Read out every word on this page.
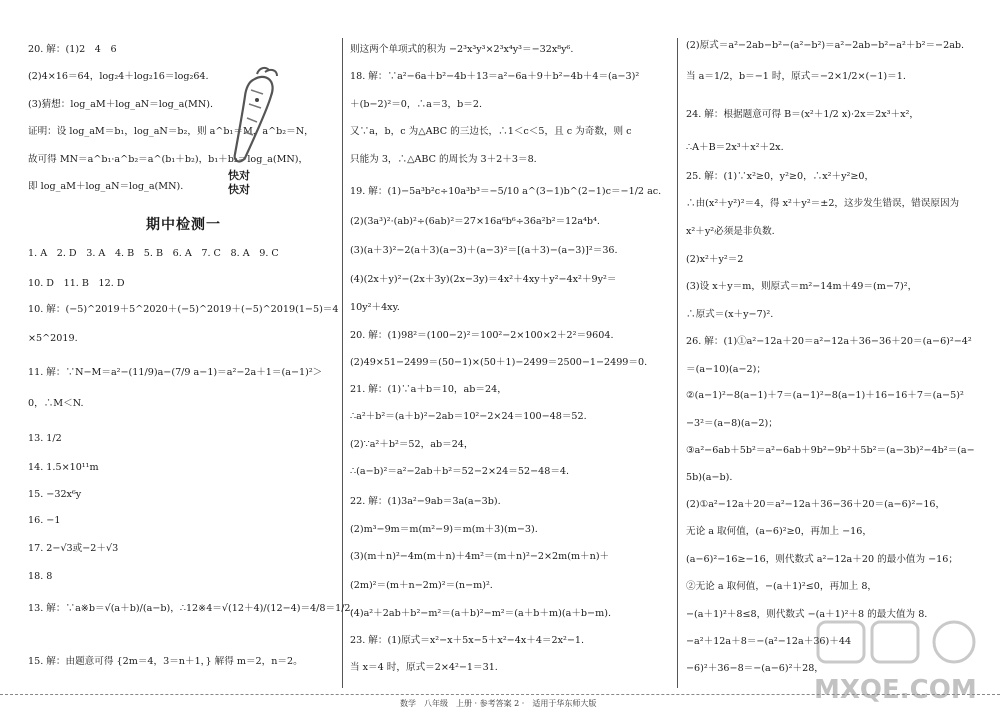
20. 解：(1)2　4　6
(2)4×16＝64，log₂4＋log₂16＝log₂64.
(3)猜想：log_aM＋log_aN＝log_a(MN).
证明：设 log_aM＝b₁，log_aN＝b₂，则 a^b₁＝M，a^b₂＝N，
故可得 MN＝a^b₁·a^b₂＝a^(b₁＋b₂)，b₁＋b₂＝log_a(MN)，
即 log_aM＋log_aN＝log_a(MN).
期中检测一
1. A　2. D　3. A　4. B　5. B　6. A　7. C　8. A　9. C
10. D　11. B　12. D
10. 解：(−5)^2019＋5^2020＋(−5)^2019＋(−5)^2019(1−5)＝4
×5^2019.
11. 解：∵N−M＝a²−(11/9)a−(7/9 a−1)＝a²−2a＋1＝(a−1)²＞
0，∴M＜N.
13. 1/2
14. 1.5×10¹¹m
15. −32x⁶y
16. −1
17. 2−√3或−2＋√3
18. 8
13. 解：∵a※b＝√(a＋b)/(a−b)，∴12※4＝√(12＋4)/(12−4)＝4/8＝1/2.
15. 解：由题意可得 {2m＝4，3＝n＋1，} 解得 m＝2，n＝2。
快对
快对
则这两个单项式的积为 −2³x³y³×2³x⁴y³＝−32x⁸y⁶.
18. 解：∵a²−6a＋b²−4b＋13＝a²−6a＋9＋b²−4b＋4＝(a−3)²
＋(b−2)²＝0，∴a＝3，b＝2.
又∵a，b，c 为△ABC 的三边长，∴1＜c＜5，且 c 为奇数，则 c
只能为 3，∴△ABC 的周长为 3＋2＋3＝8.
19. 解：(1)−5a³b²c÷10a³b³＝−5/10 a^(3−1)b^(2−1)c＝−1/2 ac.
(2)(3a³)²·(ab)²÷(6ab)²＝27×16a⁶b⁶÷36a²b²＝12a⁴b⁴.
(3)(a＋3)²−2(a＋3)(a−3)＋(a−3)²＝[(a＋3)−(a−3)]²＝36.
(4)(2x＋y)²−(2x＋3y)(2x−3y)＝4x²＋4xy＋y²−4x²＋9y²＝
10y²＋4xy.
20. 解：(1)98²＝(100−2)²＝100²−2×100×2＋2²＝9604.
(2)49×51−2499＝(50−1)×(50＋1)−2499＝2500−1−2499＝0.
21. 解：(1)∵a＋b＝10，ab＝24，
∴a²＋b²＝(a＋b)²−2ab＝10²−2×24＝100−48＝52.
(2)∵a²＋b²＝52，ab＝24，
∴(a−b)²＝a²−2ab＋b²＝52−2×24＝52−48＝4.
22. 解：(1)3a²−9ab＝3a(a−3b).
(2)m³−9m＝m(m²−9)＝m(m＋3)(m−3).
(3)(m＋n)²−4m(m＋n)＋4m²＝(m＋n)²−2×2m(m＋n)＋
(2m)²＝(m＋n−2m)²＝(n−m)².
(4)a²＋2ab＋b²−m²＝(a＋b)²−m²＝(a＋b＋m)(a＋b−m).
23. 解：(1)原式＝x²−x＋5x−5＋x²−4x＋4＝2x²−1.
当 x＝4 时，原式＝2×4²−1＝31.
(2)原式＝a²−2ab−b²−(a²−b²)＝a²−2ab−b²−a²＋b²＝−2ab.
当 a＝1/2，b＝−1 时，原式＝−2×1/2×(−1)＝1.
24. 解：根据题意可得 B＝(x²＋1/2 x)·2x＝2x³＋x²，
∴A＋B＝2x³＋x²＋2x.
25. 解：(1)∵x²≥0，y²≥0，∴x²＋y²≥0，
∴由(x²＋y²)²＝4，得 x²＋y²＝±2，这步发生错误，错误原因为
x²＋y²必须是非负数.
(2)x²＋y²＝2
(3)设 x＋y＝m，则原式＝m²−14m＋49＝(m−7)²，
∴原式＝(x＋y−7)².
26. 解：(1)①a²−12a＋20＝a²−12a＋36−36＋20＝(a−6)²−4²
＝(a−10)(a−2)；
②(a−1)²−8(a−1)＋7＝(a−1)²−8(a−1)＋16−16＋7＝(a−5)²
−3²＝(a−8)(a−2)；
③a²−6ab＋5b²＝a²−6ab＋9b²−9b²＋5b²＝(a−3b)²−4b²＝(a−
5b)(a−b).
(2)①a²−12a＋20＝a²−12a＋36−36＋20＝(a−6)²−16，
无论 a 取何值，(a−6)²≥0，再加上 −16，
(a−6)²−16≥−16，则代数式 a²−12a＋20 的最小值为 −16；
②无论 a 取何值，−(a＋1)²≤0，再加上 8，
−(a＋1)²＋8≤8，则代数式 −(a＋1)²＋8 的最大值为 8.
−a²＋12a＋8＝−(a²−12a＋36)＋44
−6)²＋36−8＝−(a−6)²＋28，
MXQE.COM
数学　八年级　上册 · 参考答案 2 ·　适用于华东师大版
